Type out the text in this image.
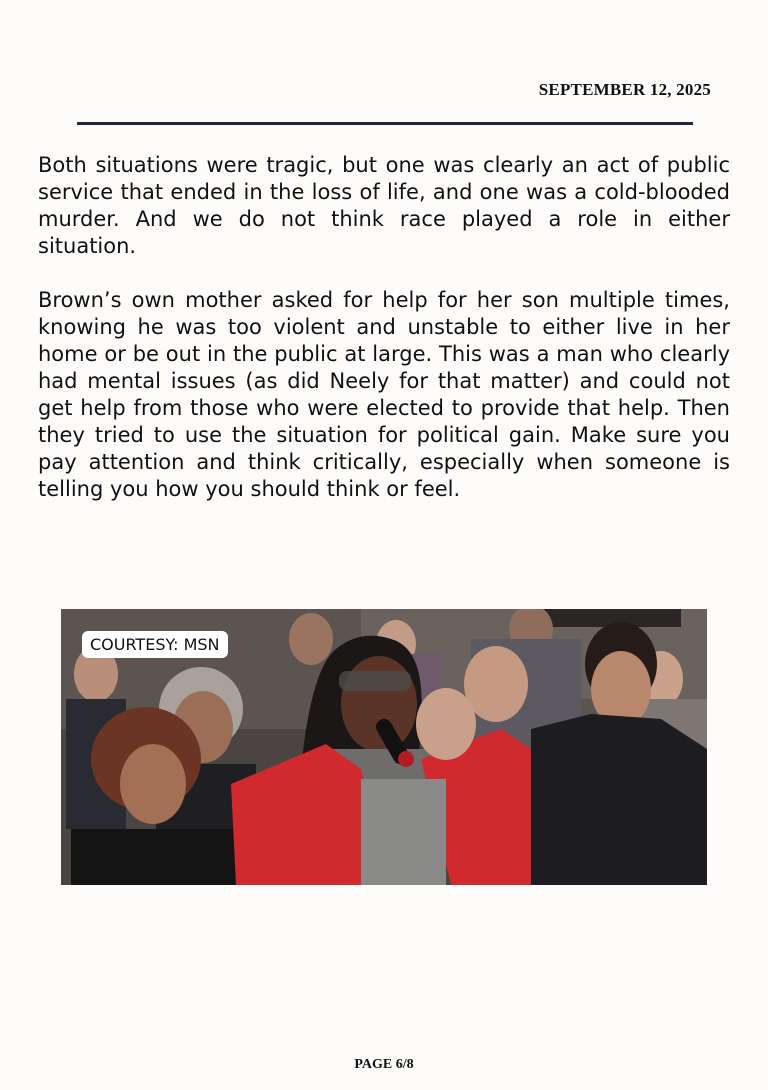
SEPTEMBER 12, 2025

Both situations were tragic, but one was clearly an act of public service that ended in the loss of life, and one was a cold-blooded murder. And we do not think race played a role in either situation.

Brown’s own mother asked for help for her son multiple times, knowing he was too violent and unstable to either live in her home or be out in the public at large. This was a man who clearly had mental issues (as did Neely for that matter) and could not get help from those who were elected to provide that help. Then they tried to use the situation for political gain. Make sure you pay attention and think critically, especially when someone is telling you how you should think or feel.

COURTESY: MSN
PAGE 6/8
